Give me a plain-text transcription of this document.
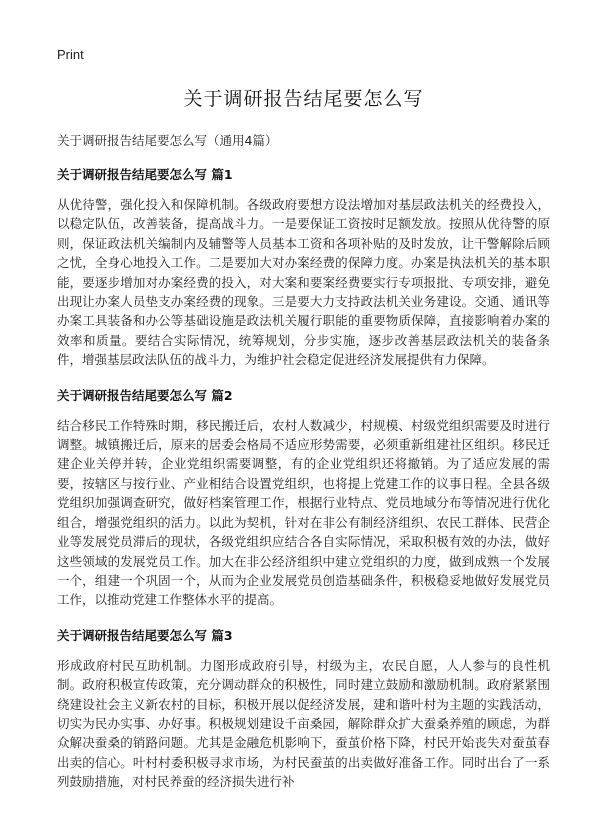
Print
关于调研报告结尾要怎么写

关于调研报告结尾要怎么写（通用4篇）

关于调研报告结尾要怎么写 篇1

从优待警，强化投入和保障机制。各级政府要想方设法增加对基层政法机关的经费投入，以稳定队伍，改善装备，提高战斗力。一是要保证工资按时足额发放。按照从优待警的原则，保证政法机关编制内及辅警等人员基本工资和各项补贴的及时发放，让干警解除后顾之忧，全身心地投入工作。二是要加大对办案经费的保障力度。办案是执法机关的基本职能，要逐步增加对办案经费的投入，对大案和要案经费要实行专项报批、专项安排，避免出现让办案人员垫支办案经费的现象。三是要大力支持政法机关业务建设。交通、通讯等办案工具装备和办公等基础设施是政法机关履行职能的重要物质保障，直接影响着办案的效率和质量。要结合实际情况，统筹规划，分步实施，逐步改善基层政法机关的装备条件，增强基层政法队伍的战斗力，为维护社会稳定促进经济发展提供有力保障。

关于调研报告结尾要怎么写 篇2

结合移民工作特殊时期，移民搬迁后，农村人数减少，村规模、村级党组织需要及时进行调整。城镇搬迁后，原来的居委会格局不适应形势需要，必须重新组建社区组织。移民迁建企业关停并转，企业党组织需要调整，有的企业党组织还将撤销。为了适应发展的需要，按辖区与按行业、产业相结合设置党组织，也将提上党建工作的议事日程。全县各级党组织加强调查研究，做好档案管理工作，根据行业特点、党员地域分布等情况进行优化组合，增强党组织的活力。以此为契机，针对在非公有制经济组织、农民工群体、民营企业等发展党员滞后的现状，各级党组织应结合各自实际情况，采取积极有效的办法，做好这些领域的发展党员工作。加大在非公经济组织中建立党组织的力度，做到成熟一个发展一个，组建一个巩固一个，从而为企业发展党员创造基础条件，积极稳妥地做好发展党员工作，以推动党建工作整体水平的提高。

关于调研报告结尾要怎么写 篇3

形成政府村民互助机制。力图形成政府引导，村级为主，农民自愿，人人参与的良性机制。政府积极宣传政策，充分调动群众的积极性，同时建立鼓励和激励机制。政府紧紧围绕建设社会主义新农村的目标，积极开展以促经济发展，建和谐叶村为主题的实践活动，切实为民办实事、办好事。积极规划建设千亩桑园，解除群众扩大蚕桑养殖的顾虑，为群众解决蚕桑的销路问题。尤其是金融危机影响下，蚕茧价格下降，村民开始丧失对蚕茧春出卖的信心。叶村村委积极寻求市场，为村民蚕茧的出卖做好准备工作。同时出台了一系列鼓励措施，对村民养蚕的经济损失进行补
